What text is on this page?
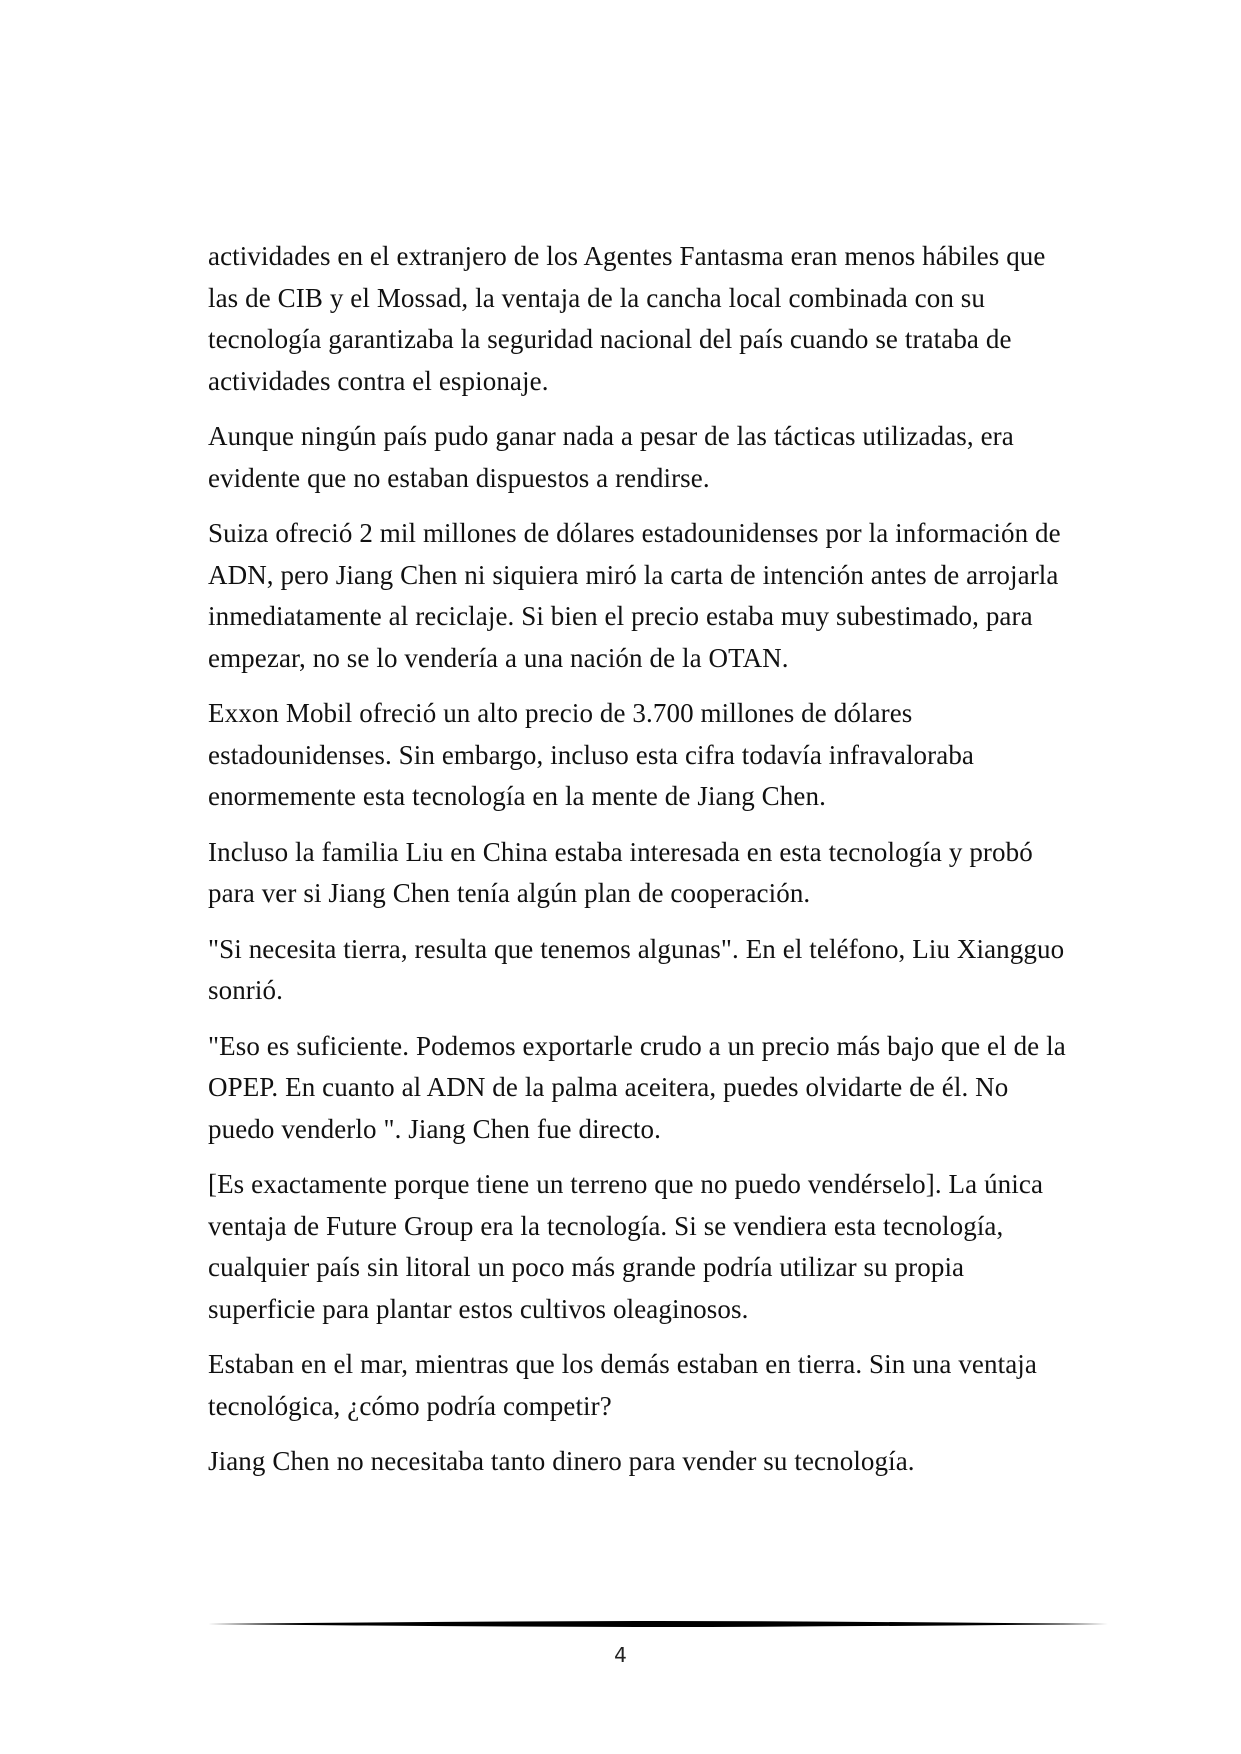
actividades en el extranjero de los Agentes Fantasma eran menos hábiles que las de CIB y el Mossad, la ventaja de la cancha local combinada con su tecnología garantizaba la seguridad nacional del país cuando se trataba de actividades contra el espionaje.

Aunque ningún país pudo ganar nada a pesar de las tácticas utilizadas, era evidente que no estaban dispuestos a rendirse.

Suiza ofreció 2 mil millones de dólares estadounidenses por la información de ADN, pero Jiang Chen ni siquiera miró la carta de intención antes de arrojarla inmediatamente al reciclaje. Si bien el precio estaba muy subestimado, para empezar, no se lo vendería a una nación de la OTAN.

Exxon Mobil ofreció un alto precio de 3.700 millones de dólares estadounidenses. Sin embargo, incluso esta cifra todavía infravaloraba enormemente esta tecnología en la mente de Jiang Chen.

Incluso la familia Liu en China estaba interesada en esta tecnología y probó para ver si Jiang Chen tenía algún plan de cooperación.

"Si necesita tierra, resulta que tenemos algunas". En el teléfono, Liu Xiangguo sonrió.

"Eso es suficiente. Podemos exportarle crudo a un precio más bajo que el de la OPEP. En cuanto al ADN de la palma aceitera, puedes olvidarte de él. No puedo venderlo ". Jiang Chen fue directo.

[Es exactamente porque tiene un terreno que no puedo vendérselo]. La única ventaja de Future Group era la tecnología. Si se vendiera esta tecnología, cualquier país sin litoral un poco más grande podría utilizar su propia superficie para plantar estos cultivos oleaginosos.

Estaban en el mar, mientras que los demás estaban en tierra. Sin una ventaja tecnológica, ¿cómo podría competir?

Jiang Chen no necesitaba tanto dinero para vender su tecnología.

4
